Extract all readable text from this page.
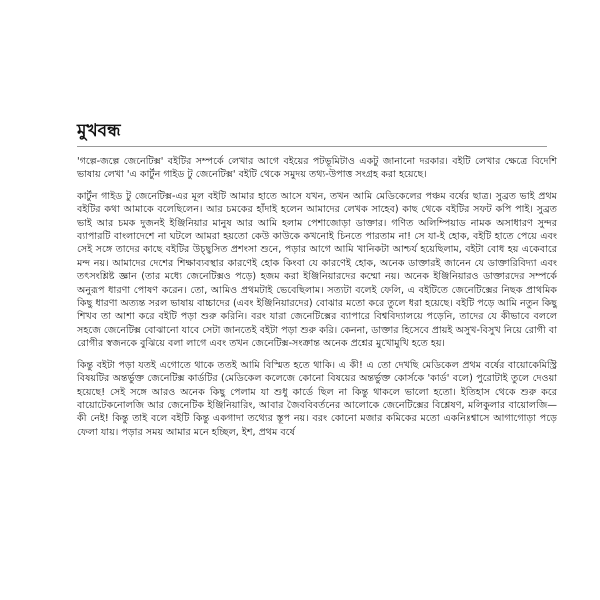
মুখবন্ধ

'গল্পে-জল্পে জেনেটিক্স' বইটির সম্পর্কে লেখার আগে বইয়ের পটভূমিটাও একটু জানানো দরকার। বইটি লেখার ক্ষেত্রে বিদেশি ভাষায় লেখা 'এ কার্টুন গাইড টু জেনেটিক্স' বইটি থেকে সমুদয় তথ্য-উপাত্ত সংগ্রহ করা হয়েছে।

কার্টুন গাইড টু জেনেটিক্স-এর মূল বইটি আমার হাতে আসে যখন, তখন আমি মেডিকেলের পঞ্চম বর্ষের ছাত্র। সুব্রত ভাই প্রথম বইটির কথা আমাকে বলেছিলেন। আর চমকের হাঁদাই হলেন আমাদের লেখক সাহেব) কাছ থেকে বইটির সফট কপি পাই। সুব্রত ভাই আর চমক দুজনই ইঞ্জিনিয়ার মানুষ আর আমি হলাম পেশাজোড়া ডাক্তার। গণিত অলিম্পিয়াড নামক অসাধারণ সুন্দর ব্যাপারটি বাংলাদেশে না ঘটলে আমরা হয়তো কেউ কাউকে কখনোই চিনতে পারতাম না! সে যা-ই হোক, বইটি হাতে পেয়ে এবং সেই সঙ্গে তাদের কাছে বইটির উচ্ছ্বসিত প্রশংসা শুনে, পড়ার আগে আমি খানিকটা আশ্চর্য হয়েছিলাম, বইটা বোধ হয় একেবারে মন্দ নয়। আমাদের দেশের শিক্ষাব্যবস্থার কারণেই হোক কিংবা যে কারণেই হোক, অনেক ডাক্তারই জানেন যে ডাক্তারিবিদ্যা এবং তৎসংশ্লিষ্ট জ্ঞান (তার মধ্যে জেনেটিক্সও পড়ে) হজম করা ইঞ্জিনিয়ারদের কম্মো নয়। অনেক ইঞ্জিনিয়ারও ডাক্তারদের সম্পর্কে অনুরূপ ধারণা পোষণ করেন। তো, আমিও প্রথমটাই ভেবেছিলাম। সত্যটা বলেই ফেলি, এ বইটিতে জেনেটিক্সের নিছক প্রাথমিক কিছু ধারণা অত্যন্ত সরল ভাষায় বাচ্চাদের (এবং ইঞ্জিনিয়ারদের) বোঝার মতো করে তুলে ধরা হয়েছে। বইটি পড়ে আমি নতুন কিছু শিখব তা আশা করে বইটি পড়া শুরু করিনি। বরং যারা জেনেটিক্সের ব্যাপারে বিশ্ববিদ্যালয়ে পড়েনি, তাদের যে কীভাবে বললে সহজে জেনেটিক্স বোঝানো যাবে সেটা জানতেই বইটা পড়া শুরু করি। কেননা, ডাক্তার হিসেবে প্রায়ই অসুখ-বিসুখ নিয়ে রোগী বা রোগীর স্বজনকে বুঝিয়ে বলা লাগে এবং তখন জেনেটিক্স-সংক্রান্ত অনেক প্রশ্নের মুখোমুখি হতে হয়।

কিন্তু বইটা পড়া যতই এগোতে থাকে ততই আমি বিস্মিত হতে থাকি। এ কী! এ তো দেখছি মেডিকেল প্রথম বর্ষের বায়োকেমিস্ট্রি বিষয়টির অন্তর্ভুক্ত জেনেটিক্স কার্ডটির (মেডিকেল কলেজে কোনো বিষয়ের অন্তর্ভুক্ত কোর্সকে 'কার্ড' বলে) পুরোটাই তুলে দেওয়া হয়েছে! সেই সঙ্গে আরও অনেক কিছু পেলাম যা শুধু কার্ডে ছিল না কিন্তু থাকলে ভালো হতো। ইতিহাস থেকে শুরু করে বায়োটেকনোলজি আর জেনেটিক ইঞ্জিনিয়ারিং, আবার জৈববিবর্তনের আলোকে জেনেটিক্সের বিশ্লেষণ, মলিকুলার বায়োলজি—কী নেই! কিন্তু তাই বলে বইটি কিন্তু একগাদা তথ্যের স্তূপ নয়। বরং কোনো মজার কমিকের মতো একনিঃশ্বাসে আগাগোড়া পড়ে ফেলা যায়। পড়ার সময় আমার মনে হচ্ছিল, ইশ, প্রথম বর্ষে
